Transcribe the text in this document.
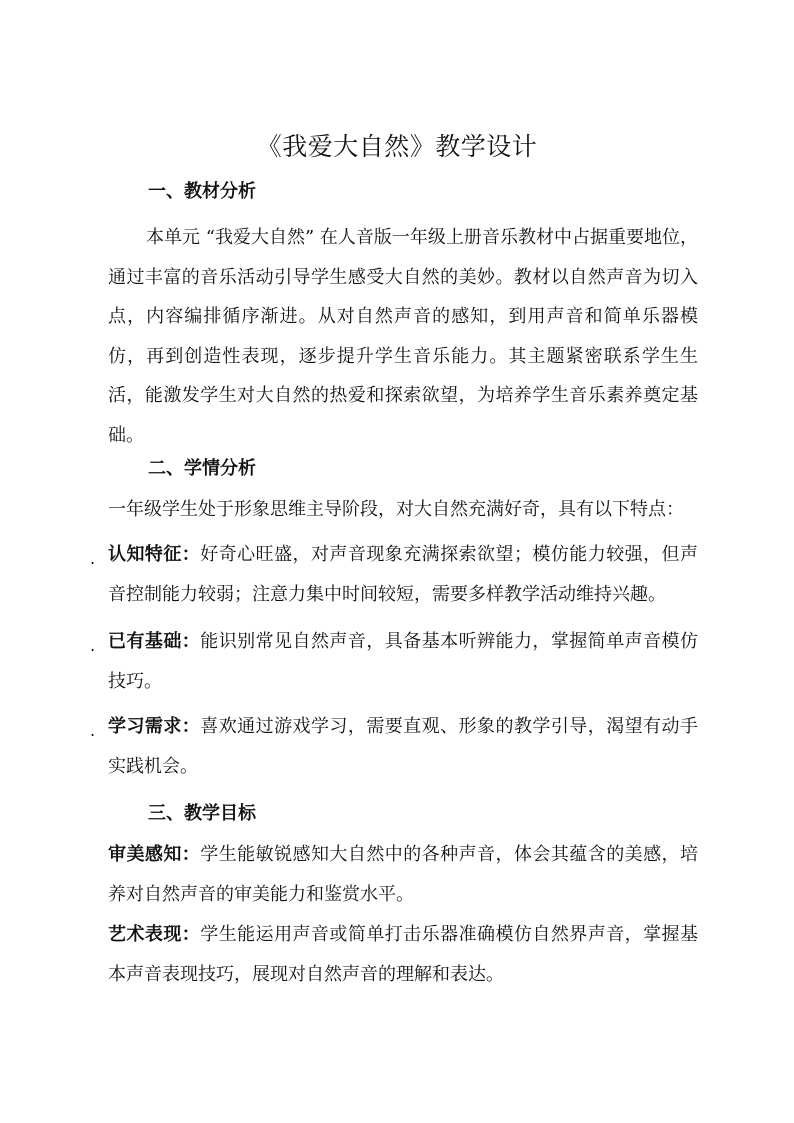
《我爱大自然》教学设计
一、教材分析
本单元 “我爱大自然” 在人音版一年级上册音乐教材中占据重要地位，通过丰富的音乐活动引导学生感受大自然的美妙。教材以自然声音为切入点，内容编排循序渐进。从对自然声音的感知，到用声音和简单乐器模仿，再到创造性表现，逐步提升学生音乐能力。其主题紧密联系学生生活，能激发学生对大自然的热爱和探索欲望，为培养学生音乐素养奠定基础。
二、学情分析
一年级学生处于形象思维主导阶段，对大自然充满好奇，具有以下特点：
. 认知特征：好奇心旺盛，对声音现象充满探索欲望；模仿能力较强，但声音控制能力较弱；注意力集中时间较短，需要多样教学活动维持兴趣。
. 已有基础：能识别常见自然声音，具备基本听辨能力，掌握简单声音模仿技巧。
. 学习需求：喜欢通过游戏学习，需要直观、形象的教学引导，渴望有动手实践机会。
三、教学目标
审美感知：学生能敏锐感知大自然中的各种声音，体会其蕴含的美感，培养对自然声音的审美能力和鉴赏水平。
艺术表现：学生能运用声音或简单打击乐器准确模仿自然界声音，掌握基本声音表现技巧，展现对自然声音的理解和表达。
